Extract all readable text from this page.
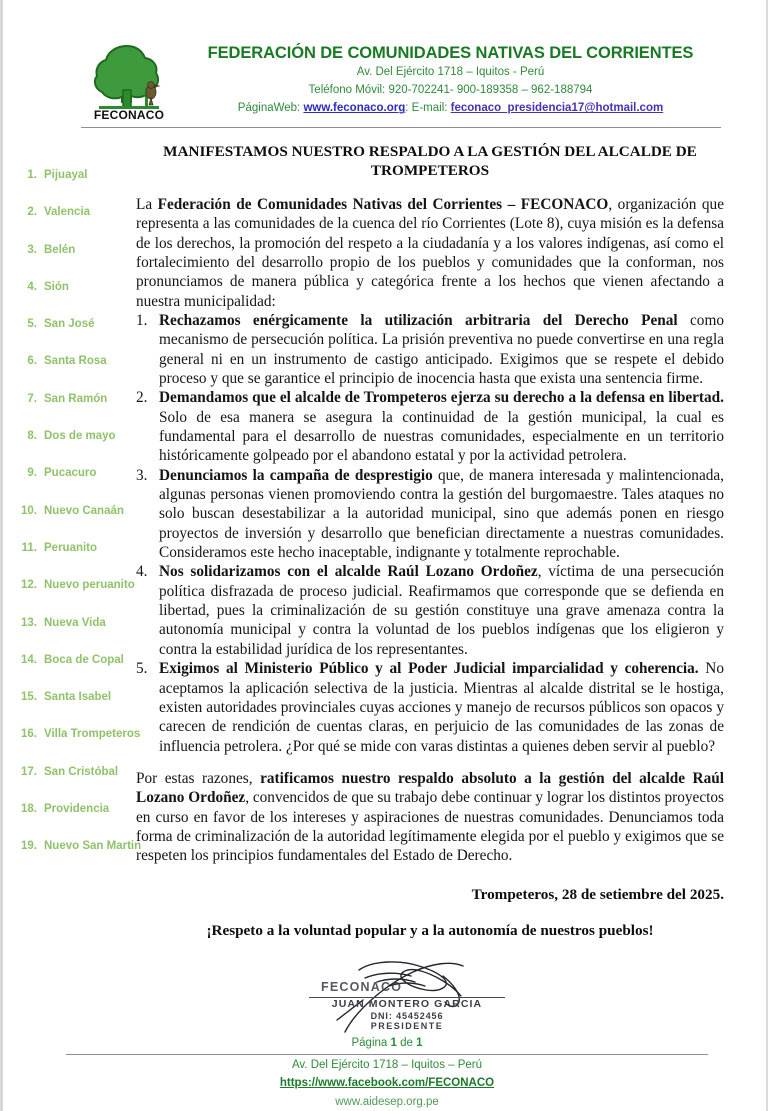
FECONACO
FEDERACIÓN DE COMUNIDADES NATIVAS DEL CORRIENTES
Av. Del Ejército 1718 – Iquitos - Perú
Teléfono Móvil: 920-702241- 900-189358 – 962-188794
PáginaWeb: www.feconaco.org: E-mail: feconaco_presidencia17@hotmail.com
1. Pijuayal
2. Valencia
3. Belén
4. Sión
5. San José
6. Santa Rosa
7. San Ramón
8. Dos de mayo
9. Pucacuro
10. Nuevo Canaán
11. Peruanito
12. Nuevo peruanito
13. Nueva Vida
14. Boca de Copal
15. Santa Isabel
16. Villa Trompeteros
17. San Cristóbal
18. Providencia
19. Nuevo San Martin
MANIFESTAMOS NUESTRO RESPALDO A LA GESTIÓN DEL ALCALDE DE TROMPETEROS

La Federación de Comunidades Nativas del Corrientes – FECONACO, organización que representa a las comunidades de la cuenca del río Corrientes (Lote 8), cuya misión es la defensa de los derechos, la promoción del respeto a la ciudadanía y a los valores indígenas, así como el fortalecimiento del desarrollo propio de los pueblos y comunidades que la conforman, nos pronunciamos de manera pública y categórica frente a los hechos que vienen afectando a nuestra municipalidad:

1. Rechazamos enérgicamente la utilización arbitraria del Derecho Penal como mecanismo de persecución política. La prisión preventiva no puede convertirse en una regla general ni en un instrumento de castigo anticipado. Exigimos que se respete el debido proceso y que se garantice el principio de inocencia hasta que exista una sentencia firme.
2. Demandamos que el alcalde de Trompeteros ejerza su derecho a la defensa en libertad. Solo de esa manera se asegura la continuidad de la gestión municipal, la cual es fundamental para el desarrollo de nuestras comunidades, especialmente en un territorio históricamente golpeado por el abandono estatal y por la actividad petrolera.
3. Denunciamos la campaña de desprestigio que, de manera interesada y malintencionada, algunas personas vienen promoviendo contra la gestión del burgomaestre. Tales ataques no solo buscan desestabilizar a la autoridad municipal, sino que además ponen en riesgo proyectos de inversión y desarrollo que benefician directamente a nuestras comunidades. Consideramos este hecho inaceptable, indignante y totalmente reprochable.
4. Nos solidarizamos con el alcalde Raúl Lozano Ordoñez, víctima de una persecución política disfrazada de proceso judicial. Reafirmamos que corresponde que se defienda en libertad, pues la criminalización de su gestión constituye una grave amenaza contra la autonomía municipal y contra la voluntad de los pueblos indígenas que los eligieron y contra la estabilidad jurídica de los representantes.
5. Exigimos al Ministerio Público y al Poder Judicial imparcialidad y coherencia. No aceptamos la aplicación selectiva de la justicia. Mientras al alcalde distrital se le hostiga, existen autoridades provinciales cuyas acciones y manejo de recursos públicos son opacos y carecen de rendición de cuentas claras, en perjuicio de las comunidades de las zonas de influencia petrolera. ¿Por qué se mide con varas distintas a quienes deben servir al pueblo?

Por estas razones, ratificamos nuestro respaldo absoluto a la gestión del alcalde Raúl Lozano Ordoñez, convencidos de que su trabajo debe continuar y lograr los distintos proyectos en curso en favor de los intereses y aspiraciones de nuestras comunidades. Denunciamos toda forma de criminalización de la autoridad legítimamente elegida por el pueblo y exigimos que se respeten los principios fundamentales del Estado de Derecho.

Trompeteros, 28 de setiembre del 2025.
¡Respeto a la voluntad popular y a la autonomía de nuestros pueblos!
FECONACO
JUAN MONTERO GARCIA
DNI: 45452456
PRESIDENTE
Página 1 de 1
Av. Del Ejército 1718 – Iquitos – Perú
https://www.facebook.com/FECONACO
www.aidesep.org.pe
